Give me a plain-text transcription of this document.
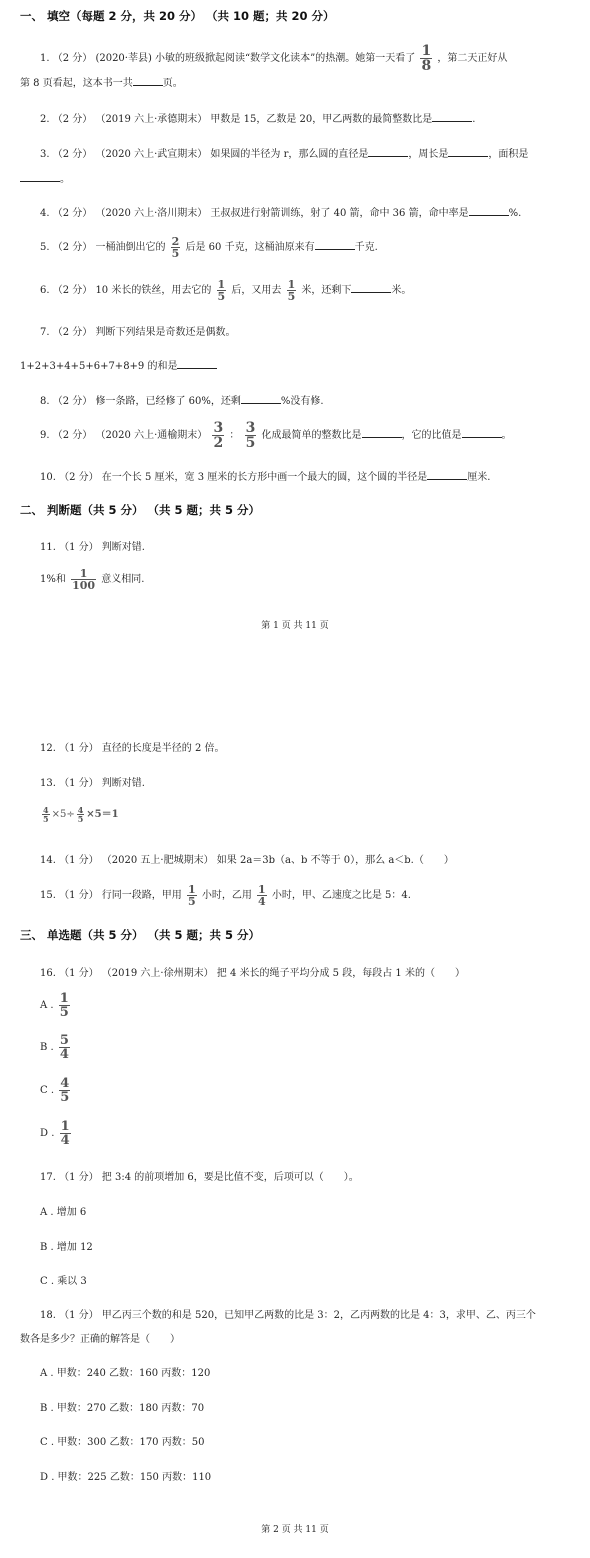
一、 填空（每题 2 分，共 20 分） （共 10 题；共 20 分）
1. （2 分） (2020·莘县) 小敏的班级掀起阅读“数学文化读本”的热潮。她第一天看了 $\frac{1}{8}$ ，第二天正好从
第 8 页看起，这本书一共	页。
2. （2 分） （2019 六上·承德期末） 甲数是 15，乙数是 20，甲乙两数的最简整数比是	.
3. （2 分） （2020 六上·武宣期末） 如果圆的半径为 r，那么圆的直径是	，周长是	，面积是
。
4. （2 分） （2020 六上·洛川期末） 王叔叔进行射箭训练，射了 40 箭，命中 36 箭，命中率是	%.
5. （2 分） 一桶油倒出它的 $\frac{2}{5}$ 后是 60 千克，这桶油原来有	千克.
6. （2 分） 10 米长的铁丝，用去它的 $\frac{1}{5}$ 后，又用去 $\frac{1}{5}$ 米，还剩下	米。
7. （2 分） 判断下列结果是奇数还是偶数。
1+2+3+4+5+6+7+8+9 的和是
8. （2 分） 修一条路，已经修了 60%，还剩	%没有修.
9. （2 分） （2020 六上·通榆期末） $\frac{3}{2}$ ： $\frac{3}{5}$ 化成最简单的整数比是	，它的比值是	。
10. （2 分） 在一个长 5 厘米，宽 3 厘米的长方形中画一个最大的圆，这个圆的半径是	厘米.
二、 判断题（共 5 分） （共 5 题；共 5 分）
11. （1 分） 判断对错.
1%和 $\frac{1}{100}$ 意义相同.
第 1 页 共 11 页
12. （1 分） 直径的长度是半径的 2 倍。
13. （1 分） 判断对错.
$\frac{4}{5} \times 5\div \frac{4}{5} \times 5=1$
14. （1 分） （2020 五上·肥城期末） 如果 2a＝3b（a、b 不等于 0），那么 a＜b.（　　）
15. （1 分） 行同一段路，甲用 $\frac{1}{5}$ 小时，乙用 $\frac{1}{4}$ 小时，甲、乙速度之比是 5：4.
三、 单选题（共 5 分） （共 5 题；共 5 分）
16. （1 分） （2019 六上·徐州期末） 把 4 米长的绳子平均分成 5 段，每段占 1 米的（　　）
A . $\frac{1}{5}$
B . $\frac{5}{4}$
C . $\frac{4}{5}$
D . $\frac{1}{4}$
17. （1 分） 把 3:4 的前项增加 6，要是比值不变，后项可以（　　）。
A . 增加 6
B . 增加 12
C . 乘以 3
18. （1 分） 甲乙丙三个数的和是 520，已知甲乙两数的比是 3：2，乙丙两数的比是 4：3，求甲、乙、丙三个
数各是多少？正确的解答是（　　）
A . 甲数：240 乙数：160 丙数：120
B . 甲数：270 乙数：180 丙数：70
C . 甲数：300 乙数：170 丙数：50
D . 甲数：225 乙数：150 丙数：110
第 2 页 共 11 页
